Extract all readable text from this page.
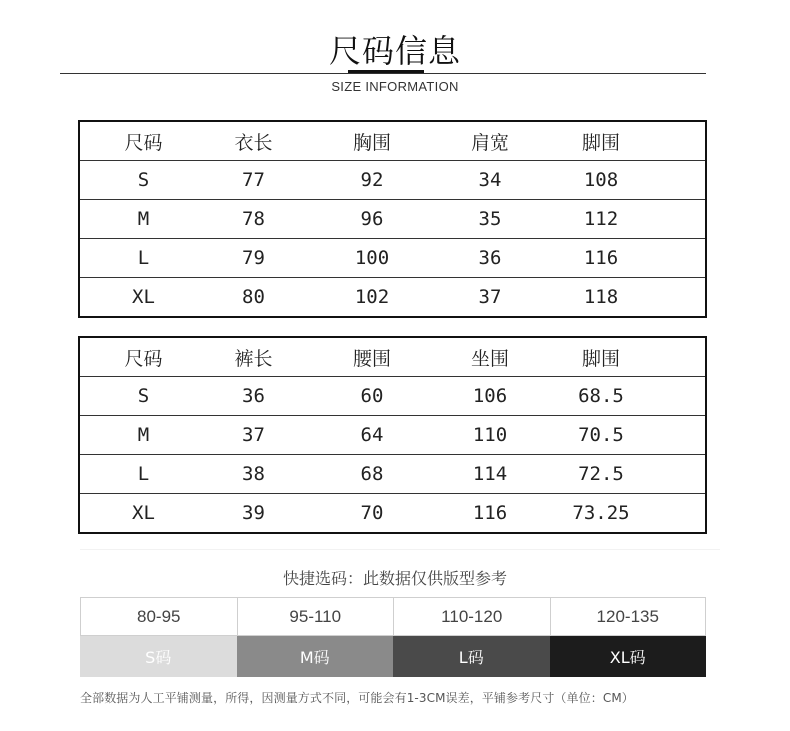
尺码信息
SIZE INFORMATION
尺码	衣长	胸围	肩宽	脚围	
S	77	92	34	108	
M	78	96	35	112	
L	79	100	36	116	
XL	80	102	37	118	
尺码	裤长	腰围	坐围	脚围	
S	36	60	106	68.5	
M	37	64	110	70.5	
L	38	68	114	72.5	
XL	39	70	116	73.25	
快捷选码：此数据仅供版型参考
80-95	95-110	110-120	120-135
S码	M码	L码	XL码
全部数据为人工平铺测量，所得，因测量方式不同，可能会有1-3CM误差，平铺参考尺寸（单位：CM）
